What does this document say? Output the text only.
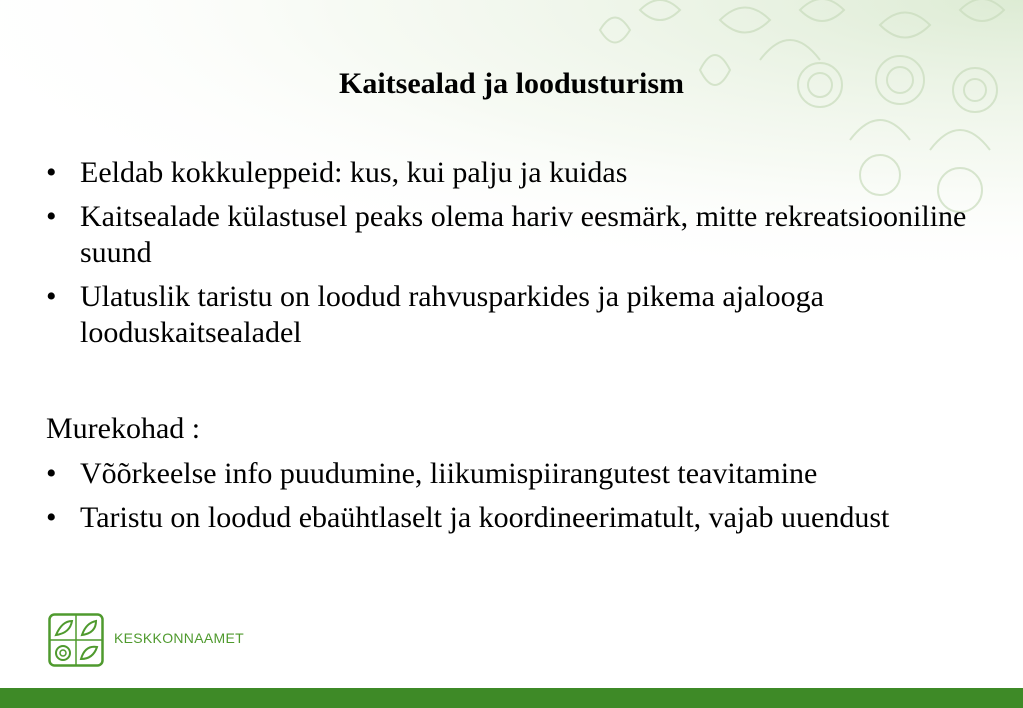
Kaitsealad ja loodusturism
• Eeldab kokkuleppeid: kus, kui palju ja kuidas
• Kaitsealade külastusel peaks olema hariv eesmärk, mitte rekreatsiooniline suund
• Ulatuslik taristu on loodud rahvusparkides ja pikema ajalooga looduskaitsealadel
Murekohad :
• Võõrkeelse info puudumine, liikumispiirangutest teavitamine
• Taristu on loodud ebaühtlaselt ja koordineerimatult, vajab uuendust
KESKKONNAAMET
